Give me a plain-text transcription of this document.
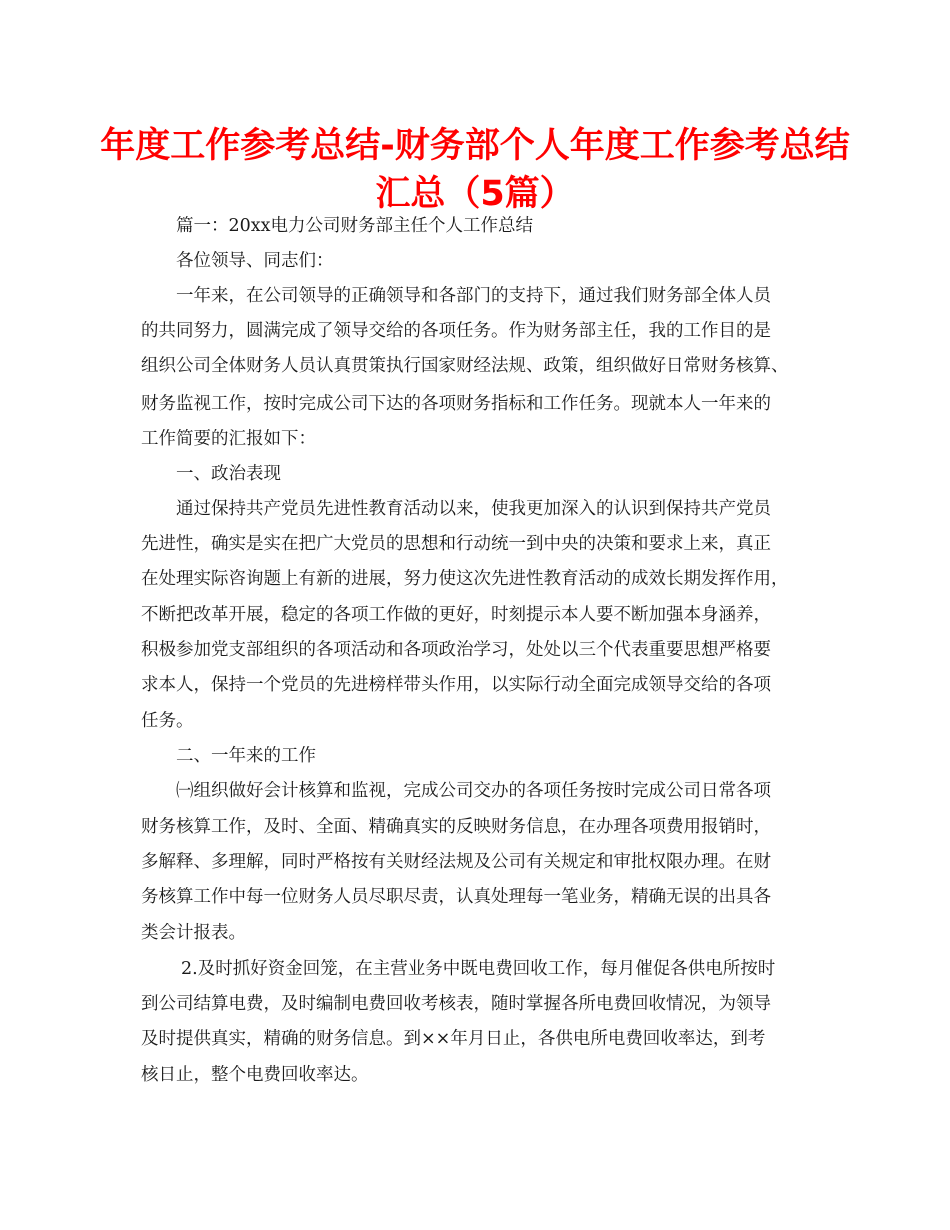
年度工作参考总结-财务部个人年度工作参考总结
汇总（5篇）
篇一：20xx电力公司财务部主任个人工作总结
各位领导、同志们：
一年来，在公司领导的正确领导和各部门的支持下，通过我们财务部全体人员
的共同努力，圆满完成了领导交给的各项任务。作为财务部主任，我的工作目的是
组织公司全体财务人员认真贯策执行国家财经法规、政策，组织做好日常财务核算、
财务监视工作，按时完成公司下达的各项财务指标和工作任务。现就本人一年来的
工作简要的汇报如下：
一、政治表现
通过保持共产党员先进性教育活动以来，使我更加深入的认识到保持共产党员
先进性，确实是实在把广大党员的思想和行动统一到中央的决策和要求上来，真正
在处理实际咨询题上有新的进展，努力使这次先进性教育活动的成效长期发挥作用，
不断把改革开展，稳定的各项工作做的更好，时刻提示本人要不断加强本身涵养，
积极参加党支部组织的各项活动和各项政治学习，处处以三个代表重要思想严格要
求本人，保持一个党员的先进榜样带头作用，以实际行动全面完成领导交给的各项
任务。
二、一年来的工作
㈠组织做好会计核算和监视，完成公司交办的各项任务按时完成公司日常各项
财务核算工作，及时、全面、精确真实的反映财务信息，在办理各项费用报销时，
多解释、多理解，同时严格按有关财经法规及公司有关规定和审批权限办理。在财
务核算工作中每一位财务人员尽职尽责，认真处理每一笔业务，精确无误的出具各
类会计报表。
2.及时抓好资金回笼，在主营业务中既电费回收工作，每月催促各供电所按时
到公司结算电费，及时编制电费回收考核表，随时掌握各所电费回收情况，为领导
及时提供真实，精确的财务信息。到××年月日止，各供电所电费回收率达，到考
核日止，整个电费回收率达。
